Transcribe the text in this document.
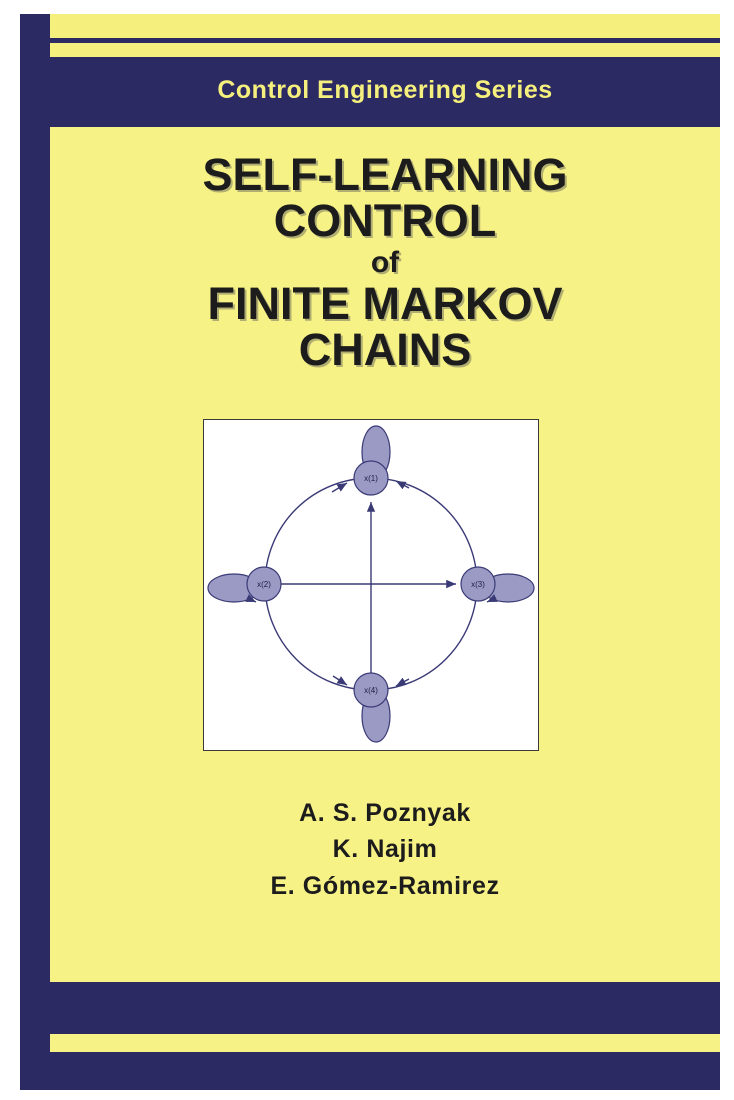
Control Engineering Series
SELF-LEARNING
CONTROL
of
FINITE MARKOV
CHAINS
x(1)
x(2)	x(3)
x(4)
A. S. Poznyak
K. Najim
E. Gómez-Ramirez
